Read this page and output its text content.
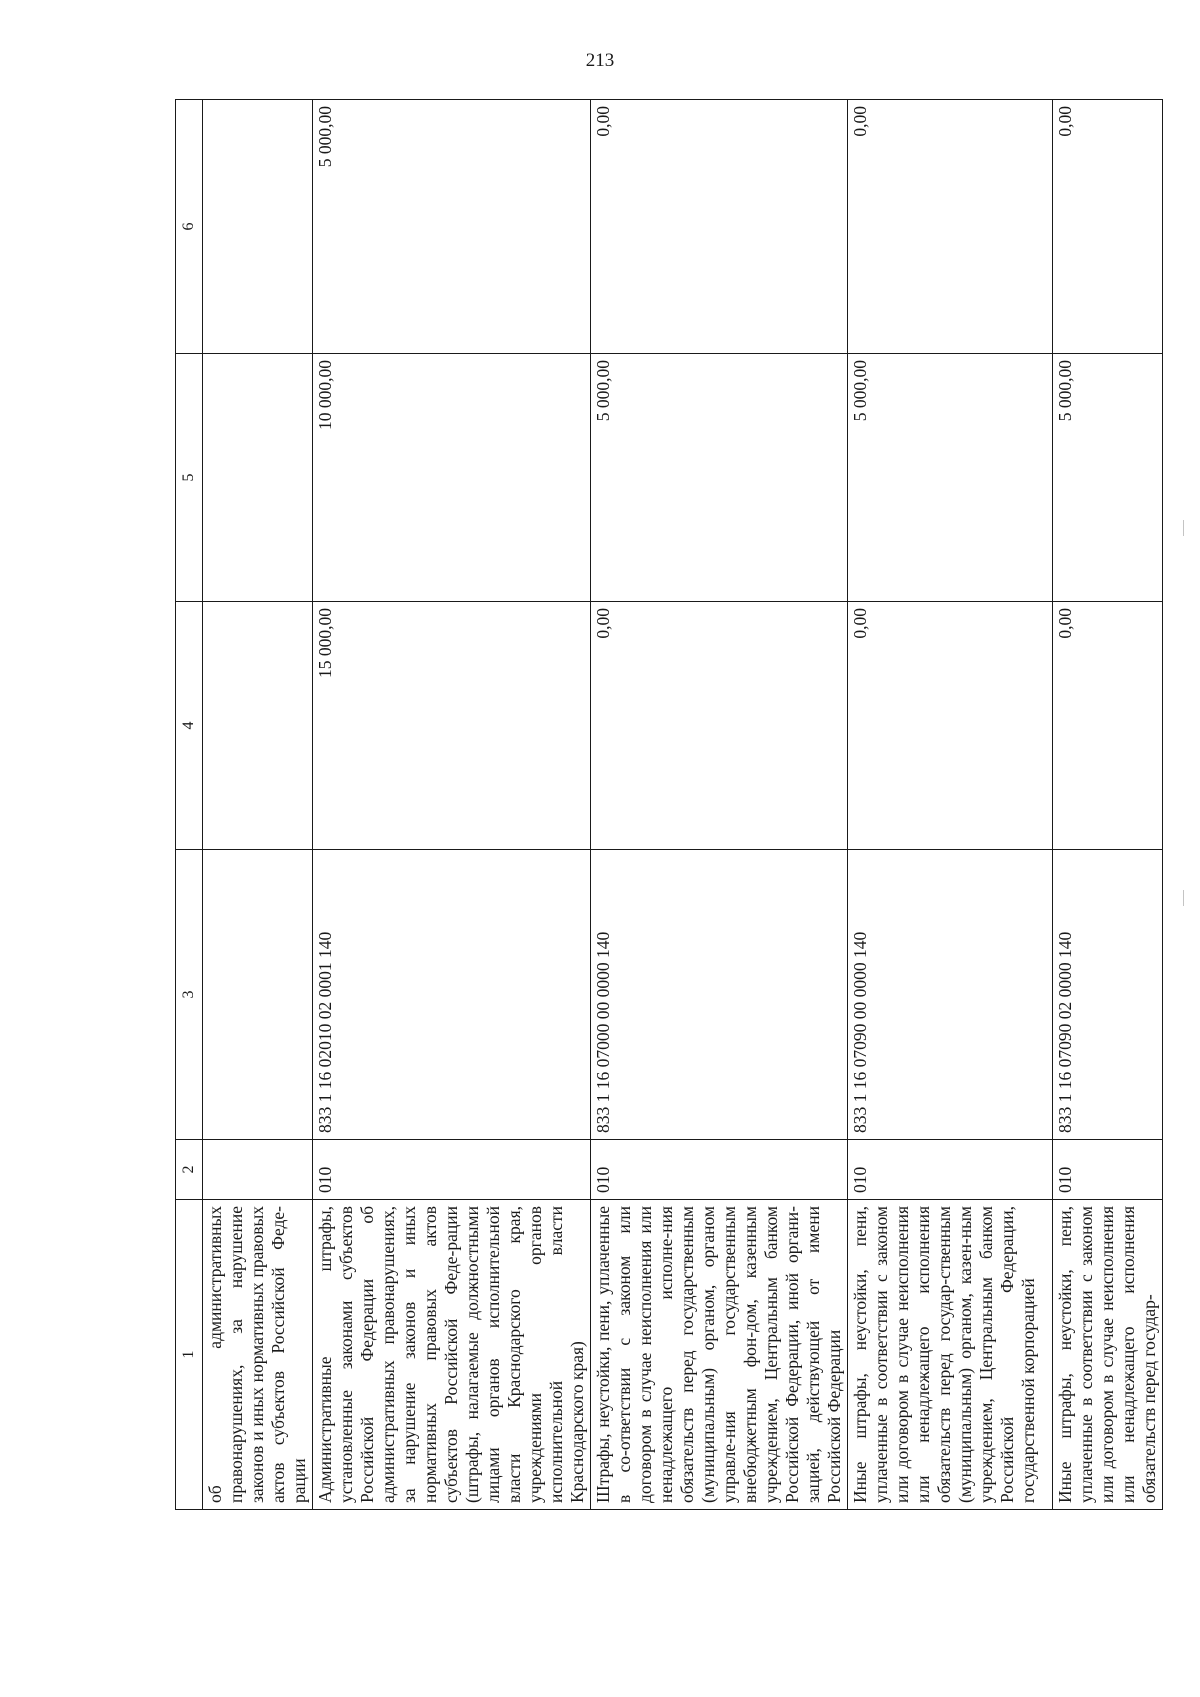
213
1	2	3	4	5	6
об административных правонарушениях, за нарушение законов и иных нормативных правовых актов субъектов Российской Феде-рации					
Административные штрафы, установленные законами субъектов Российской Федерации об административных правонарушениях, за нарушение законов и иных нормативных правовых актов субъектов Российской Феде-рации (штрафы, налагаемые должностными лицами органов исполнительной власти Краснодарского края, учреждениями органов исполнительной власти Краснодарского края)	010	833 1 16 02010 02 0001 140	15 000,00	10 000,00	5 000,00
Штрафы, неустойки, пени, уплаченные в со-ответствии с законом или договором в случае неисполнения или ненадлежащего исполне-ния обязательств перед государственным (муниципальным) органом, органом управле-ния государственным внебюджетным фон-дом, казенным учреждением, Центральным банком Российской Федерации, иной органи-зацией, действующей от имени Российской Федерации	010	833 1 16 07000 00 0000 140	0,00	5 000,00	0,00
Иные штрафы, неустойки, пени, уплаченные в соответствии с законом или договором в случае неисполнения или ненадлежащего исполнения обязательств перед государ-ственным (муниципальным) органом, казен-ным учреждением, Центральным банком Российской Федерации, государственной корпорацией	010	833 1 16 07090 00 0000 140	0,00	5 000,00	0,00
Иные штрафы, неустойки, пени, уплаченные в соответствии с законом или договором в случае неисполнения или ненадлежащего исполнения обязательств перед государ-	010	833 1 16 07090 02 0000 140	0,00	5 000,00	0,00
